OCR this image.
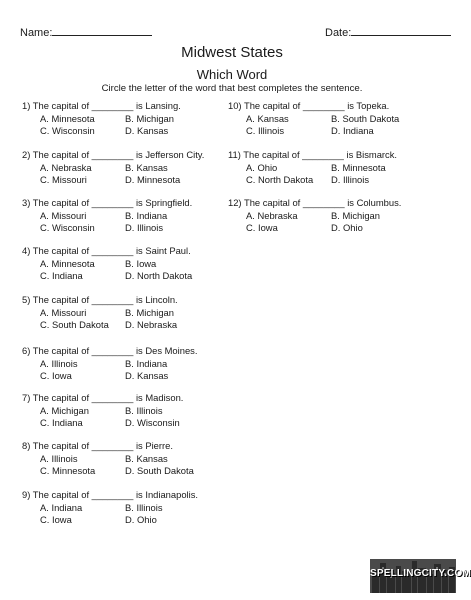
Name:	Date:
Midwest States
Which Word
Circle the letter of the word that best completes the sentence.
1) The capital of ________ is Lansing.
A. Minnesota	B. Michigan
C. Wisconsin	D. Kansas
2) The capital of ________ is Jefferson City.
A. Nebraska	B. Kansas
C. Missouri	D. Minnesota
3) The capital of ________ is Springfield.
A. Missouri	B. Indiana
C. Wisconsin	D. Illinois
4) The capital of ________ is Saint Paul.
A. Minnesota	B. Iowa
C. Indiana	D. North Dakota
5) The capital of ________ is Lincoln.
A. Missouri	B. Michigan
C. South Dakota	D. Nebraska
6) The capital of ________ is Des Moines.
A. Illinois	B. Indiana
C. Iowa	D. Kansas
7) The capital of ________ is Madison.
A. Michigan	B. Illinois
C. Indiana	D. Wisconsin
8) The capital of ________ is Pierre.
A. Illinois	B. Kansas
C. Minnesota	D. South Dakota
9) The capital of ________ is Indianapolis.
A. Indiana	B. Illinois
C. Iowa	D. Ohio
10) The capital of ________ is Topeka.
A. Kansas	B. South Dakota
C. Illinois	D. Indiana
11) The capital of ________ is Bismarck.
A. Ohio	B. Minnesota
C. North Dakota	D. Illinois
12) The capital of ________ is Columbus.
A. Nebraska	B. Michigan
C. Iowa	D. Ohio
SPELLINGCITY.COM
